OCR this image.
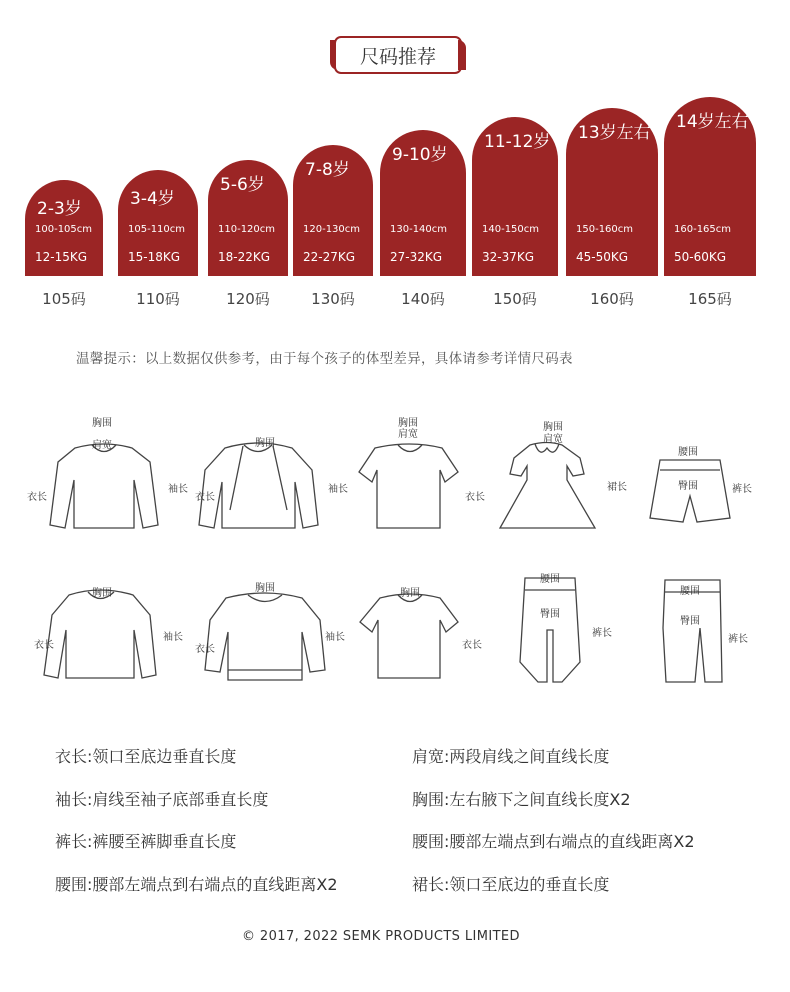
尺码推荐
2-3岁
100-105cm
12-15KG
105码
3-4岁
105-110cm
15-18KG
110码
5-6岁
110-120cm
18-22KG
120码
7-8岁
120-130cm
22-27KG
130码
9-10岁
130-140cm
27-32KG
140码
11-12岁
140-150cm
32-37KG
150码
13岁左右
150-160cm
45-50KG
160码
14岁左右
160-165cm
50-60KG
165码
温馨提示：以上数据仅供参考，由于每个孩子的体型差异，具体请参考详情尺码表
胸围
肩宽
衣长
袖长
胸围
衣长
袖长
胸围
肩宽
衣长
胸围
肩宽
裙长
腰围
臀围	裤长
胸围
衣长
袖长
胸围
衣长
袖长
胸围
衣长
腰围
臀围
裤长
腰围
臀围
裤长
衣长:领口至底边垂直长度
袖长:肩线至袖子底部垂直长度
裤长:裤腰至裤脚垂直长度
腰围:腰部左端点到右端点的直线距离X2
肩宽:两段肩线之间直线长度
胸围:左右腋下之间直线长度X2
腰围:腰部左端点到右端点的直线距离X2
裙长:领口至底边的垂直长度
© 2017, 2022 SEMK PRODUCTS LIMITED
